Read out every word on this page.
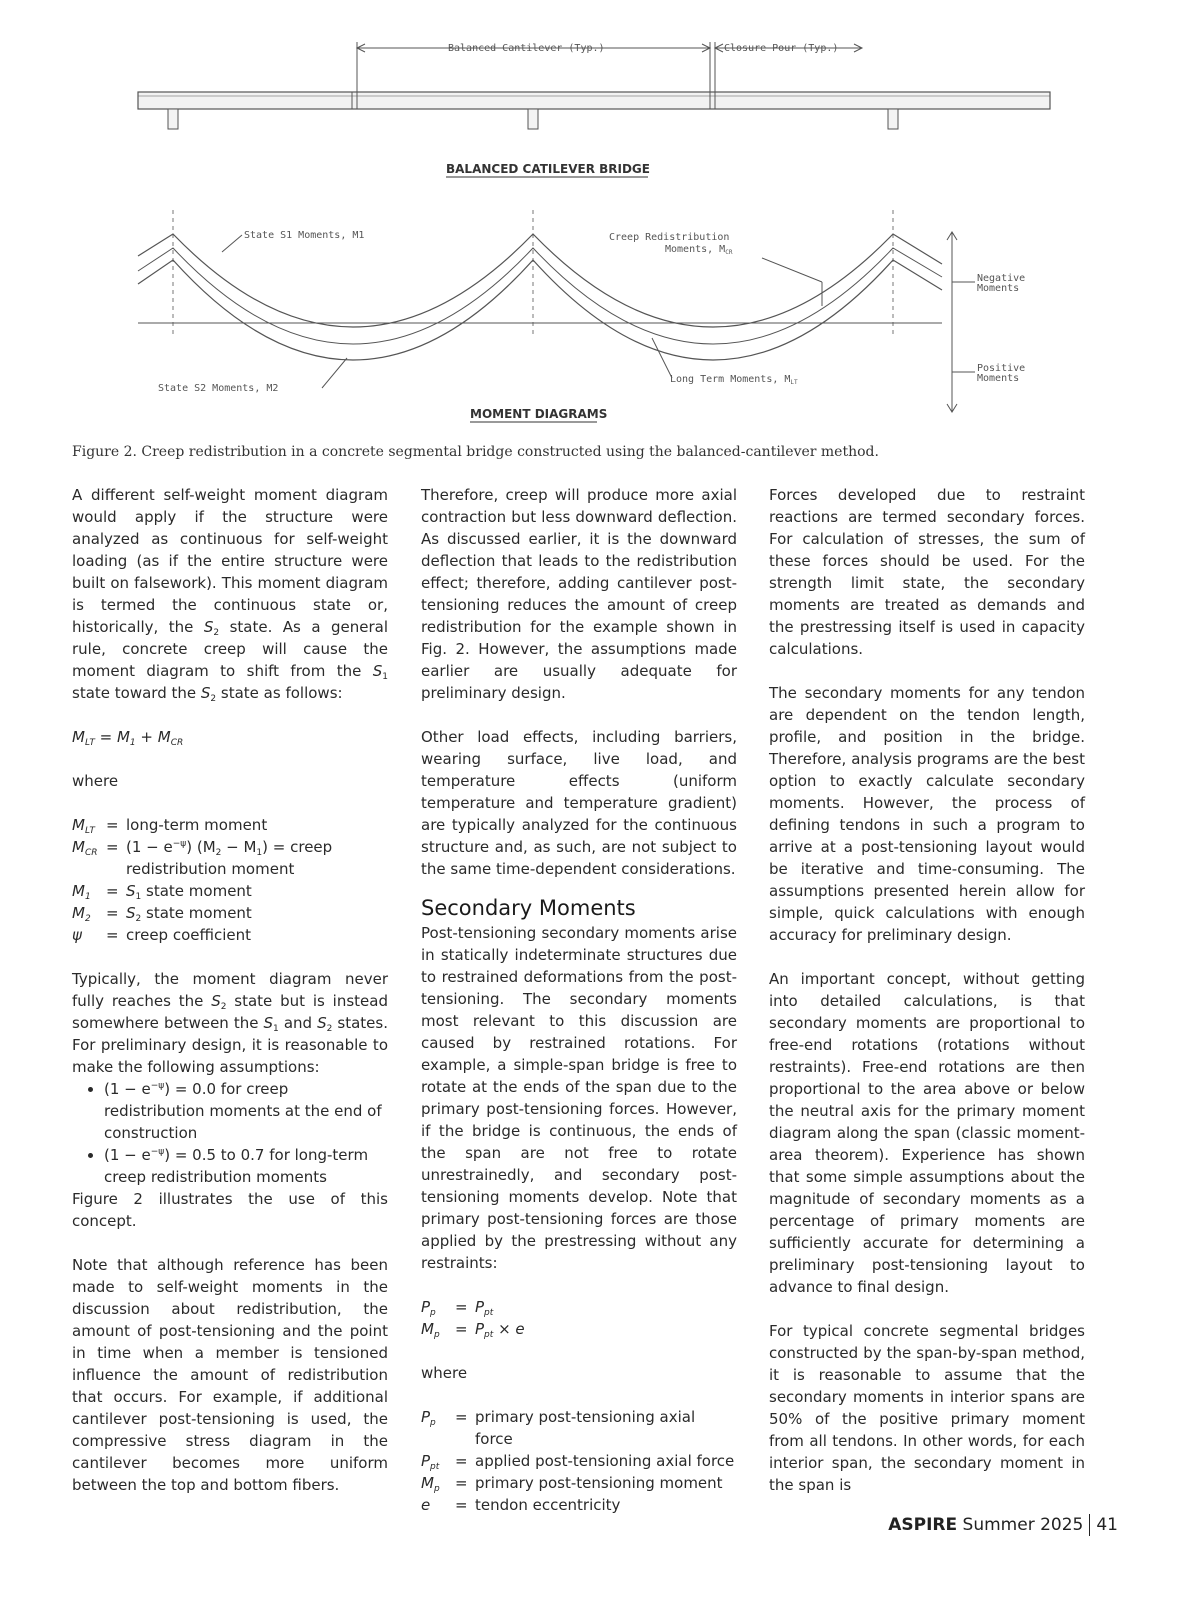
Balanced Cantilever (Typ.)	Closure Pour (Typ.)
BALANCED CATILEVER BRIDGE
State S1 Moments, M1	Creep Redistribution
Moments, $M_{CR}$
Negative
Moments
Positive
Moments
State S2 Moments, M2
Long Term Moments, $M_{LT}$
MOMENT DIAGRAMS
Figure 2. Creep redistribution in a concrete segmental bridge constructed using the balanced-cantilever method.

A different self-weight moment diagram would apply if the structure were analyzed as continuous for self-weight loading (as if the entire structure were built on falsework). This moment diagram is termed the continuous state or, historically, the $S_2$ state. As a general rule, concrete creep will cause the moment diagram to shift from the $S_1$ state toward the $S_2$ state as follows:

$M_{LT} = M_1 + M_{CR}$

where

$M_{LT}$ = long-term moment
$M_{CR} = (1 - e^{-\psi}) (M_2 - M_1)$ = creep redistribution moment
$M_1$	= $S_1$ state moment
$M_2$	= $S_2$ state moment
ψ	= creep coefficient

Typically, the moment diagram never fully reaches the $S_2$ state but is instead somewhere between the $S_1$ and $S_2$ states. For preliminary design, it is reasonable to make the following assumptions:

• $(1 - e^{-\psi}) = 0.0$ for creep redistribution moments at the end of construction
• $(1 - e^{-\psi}) = 0.5$ to 0.7 for long-term creep redistribution moments

Figure 2 illustrates the use of this concept.

Note that although reference has been made to self-weight moments in the discussion about redistribution, the amount of post-tensioning and the point in time when a member is tensioned influence the amount of redistribution that occurs. For example, if additional cantilever post-tensioning is used, the compressive stress diagram in the cantilever becomes more uniform between the top and bottom fibers.

Therefore, creep will produce more axial contraction but less downward deflection. As discussed earlier, it is the downward deflection that leads to the redistribution effect; therefore, adding cantilever post-tensioning reduces the amount of creep redistribution for the example shown in Fig. 2. However, the assumptions made earlier are usually adequate for preliminary design.

Other load effects, including barriers, wearing surface, live load, and temperature effects (uniform temperature and temperature gradient) are typically analyzed for the continuous structure and, as such, are not subject to the same time-dependent considerations.

Secondary Moments

Post-tensioning secondary moments arise in statically indeterminate structures due to restrained deformations from the post-tensioning. The secondary moments most relevant to this discussion are caused by restrained rotations. For example, a simple-span bridge is free to rotate at the ends of the span due to the primary post-tensioning forces. However, if the bridge is continuous, the ends of the span are not free to rotate unrestrainedly, and secondary post-tensioning moments develop. Note that primary post-tensioning forces are those applied by the prestressing without any restraints:

$P_p$	= $P_{pt}$
$M_p$	= $P_{pt} \times e$

where

$P_p$	= primary post-tensioning axial force
$P_{pt}$	= applied post-tensioning axial force
$M_p$	= primary post-tensioning moment
e	= tendon eccentricity

Forces developed due to restraint reactions are termed secondary forces. For calculation of stresses, the sum of these forces should be used. For the strength limit state, the secondary moments are treated as demands and the prestressing itself is used in capacity calculations.

The secondary moments for any tendon are dependent on the tendon length, profile, and position in the bridge. Therefore, analysis programs are the best option to exactly calculate secondary moments. However, the process of defining tendons in such a program to arrive at a post-tensioning layout would be iterative and time-consuming. The assumptions presented herein allow for simple, quick calculations with enough accuracy for preliminary design.

An important concept, without getting into detailed calculations, is that secondary moments are proportional to free-end rotations (rotations without restraints). Free-end rotations are then proportional to the area above or below the neutral axis for the primary moment diagram along the span (classic moment-area theorem). Experience has shown that some simple assumptions about the magnitude of secondary moments as a percentage of primary moments are sufficiently accurate for determining a preliminary post-tensioning layout to advance to final design.

For typical concrete segmental bridges constructed by the span-by-span method, it is reasonable to assume that the secondary moments in interior spans are 50% of the positive primary moment from all tendons. In other words, for each interior span, the secondary moment in the span is

ASPIRE Summer 2025 41
